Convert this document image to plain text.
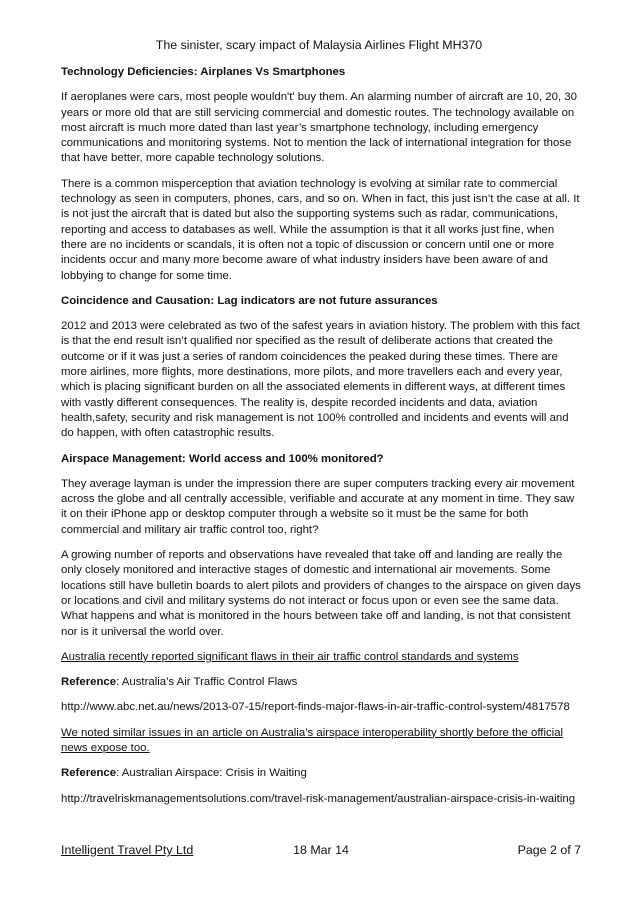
The sinister, scary impact of Malaysia Airlines Flight MH370

Technology Deficiencies: Airplanes Vs Smartphones

If aeroplanes were cars, most people wouldn't' buy them. An alarming number of aircraft are 10, 20, 30 years or more old that are still servicing commercial and domestic routes. The technology available on most aircraft is much more dated than last year’s smartphone technology, including emergency communications and monitoring systems. Not to mention the lack of international integration for those that have better, more capable technology solutions.

There is a common misperception that aviation technology is evolving at similar rate to commercial technology as seen in computers, phones, cars, and so on. When in fact, this just isn’t the case at all. It is not just the aircraft that is dated but also the supporting systems such as radar, communications, reporting and access to databases as well. While the assumption is that it all works just fine, when there are no incidents or scandals, it is often not a topic of discussion or concern until one or more incidents occur and many more become aware of what industry insiders have been aware of and lobbying to change for some time.

Coincidence and Causation: Lag indicators are not future assurances

2012 and 2013 were celebrated as two of the safest years in aviation history. The problem with this fact is that the end result isn’t qualified nor specified as the result of deliberate actions that created the outcome or if it was just a series of random coincidences the peaked during these times. There are more airlines, more flights, more destinations, more pilots, and more travellers each and every year, which is placing significant burden on all the associated elements in different ways, at different times with vastly different consequences. The reality is, despite recorded incidents and data, aviation health,safety, security and risk management is not 100% controlled and incidents and events will and do happen, with often catastrophic results.

Airspace Management: World access and 100% monitored?

They average layman is under the impression there are super computers tracking every air movement across the globe and all centrally accessible, verifiable and accurate at any moment in time. They saw it on their iPhone app or desktop computer through a website so it must be the same for both commercial and military air traffic control too, right?

A growing number of reports and observations have revealed that take off and landing are really the only closely monitored and interactive stages of domestic and international air movements. Some locations still have bulletin boards to alert pilots and providers of changes to the airspace on given days or locations and civil and military systems do not interact or focus upon or even see the same data. What happens and what is monitored in the hours between take off and landing, is not that consistent nor is it universal the world over.

Australia recently reported significant flaws in their air traffic control standards and systems

Reference: Australia’s Air Traffic Control Flaws

http://www.abc.net.au/news/2013-07-15/report-finds-major-flaws-in-air-traffic-control-system/4817578

We noted similar issues in an article on Australia’s airspace interoperability shortly before the official news expose too.

Reference: Australian Airspace: Crisis in Waiting

http://travelriskmanagementsolutions.com/travel-risk-management/australian-airspace-crisis-in-waiting

Intelligent Travel Pty Ltd	18 Mar 14	Page 2 of 7
